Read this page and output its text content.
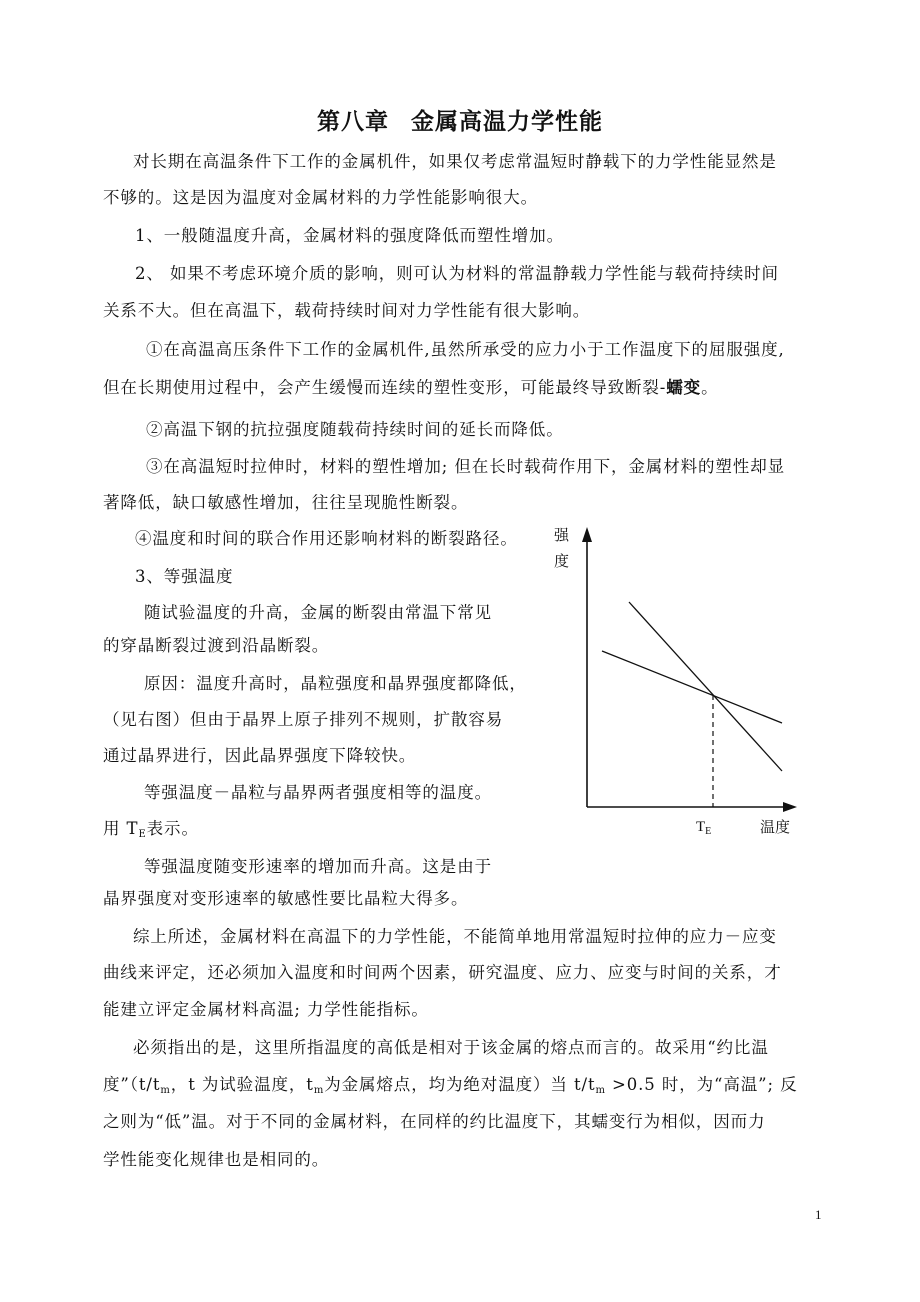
第八章 金属高温力学性能
对长期在高温条件下工作的金属机件，如果仅考虑常温短时静载下的力学性能显然是
不够的。这是因为温度对金属材料的力学性能影响很大。
1、一般随温度升高，金属材料的强度降低而塑性增加。
2、 如果不考虑环境介质的影响，则可认为材料的常温静载力学性能与载荷持续时间
关系不大。但在高温下，载荷持续时间对力学性能有很大影响。
①在高温高压条件下工作的金属机件,虽然所承受的应力小于工作温度下的屈服强度,
但在长期使用过程中，会产生缓慢而连续的塑性变形，可能最终导致断裂-蠕变。
②高温下钢的抗拉强度随载荷持续时间的延长而降低。
③在高温短时拉伸时，材料的塑性增加; 但在长时载荷作用下，金属材料的塑性却显
著降低，缺口敏感性增加，往往呈现脆性断裂。
④温度和时间的联合作用还影响材料的断裂路径。
3、等强温度
随试验温度的升高，金属的断裂由常温下常见
的穿晶断裂过渡到沿晶断裂。
原因：温度升高时，晶粒强度和晶界强度都降低，
（见右图）但由于晶界上原子排列不规则，扩散容易
通过晶界进行，因此晶界强度下降较快。
等强温度－晶粒与晶界两者强度相等的温度。
用 $T_E$表示。
等强温度随变形速率的增加而升高。这是由于
晶界强度对变形速率的敏感性要比晶粒大得多。
综上所述，金属材料在高温下的力学性能，不能简单地用常温短时拉伸的应力－应变
曲线来评定，还必须加入温度和时间两个因素，研究温度、应力、应变与时间的关系，才
能建立评定金属材料高温; 力学性能指标。
必须指出的是，这里所指温度的高低是相对于该金属的熔点而言的。故采用“约比温
度$”(t/t_m$，t 为试验温度，$t_m$为金属熔点，均为绝对温度）当 $t/t_m >0.5$ 时，为“高温”; 反
之则为“低”温。对于不同的金属材料，在同样的约比温度下，其蠕变行为相似，因而力
学性能变化规律也是相同的。
强
度
$T_E$	温度
1
